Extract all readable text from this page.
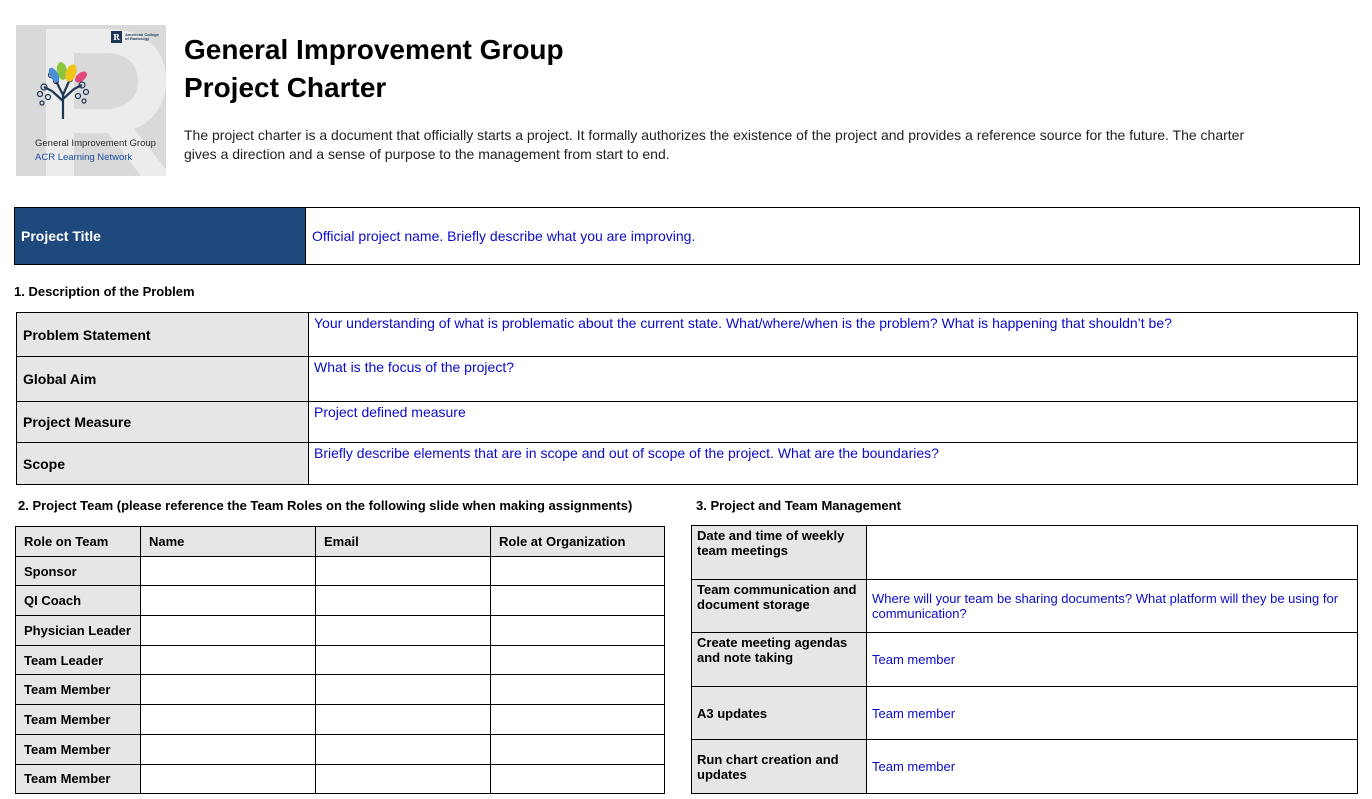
R	American College of Radiology
General Improvement Group
ACR Learning Network
General Improvement Group
Project Charter

The project charter is a document that officially starts a project. It formally authorizes the existence of the project and provides a reference source for the future. The charter gives a direction and a sense of purpose to the management from start to end.

Project Title	Official project name. Briefly describe what you are improving.
1. Description of the Problem
Problem Statement	Your understanding of what is problematic about the current state. What/where/when is the problem? What is happening that shouldn’t be?
Global Aim	What is the focus of the project?
Project Measure	Project defined measure
Scope	Briefly describe elements that are in scope and out of scope of the project. What are the boundaries?
2. Project Team (please reference the Team Roles on the following slide when making assignments)
Role on Team	Name	Email	Role at Organization
Sponsor			
QI Coach			
Physician Leader			
Team Leader			
Team Member			
Team Member			
Team Member			
Team Member			
3. Project and Team Management
Date and time of weekly team meetings	
Team communication and document storage	Where will your team be sharing documents? What platform will they be using for communication?
Create meeting agendas and note taking	Team member
A3 updates	Team member
Run chart creation and updates	Team member
